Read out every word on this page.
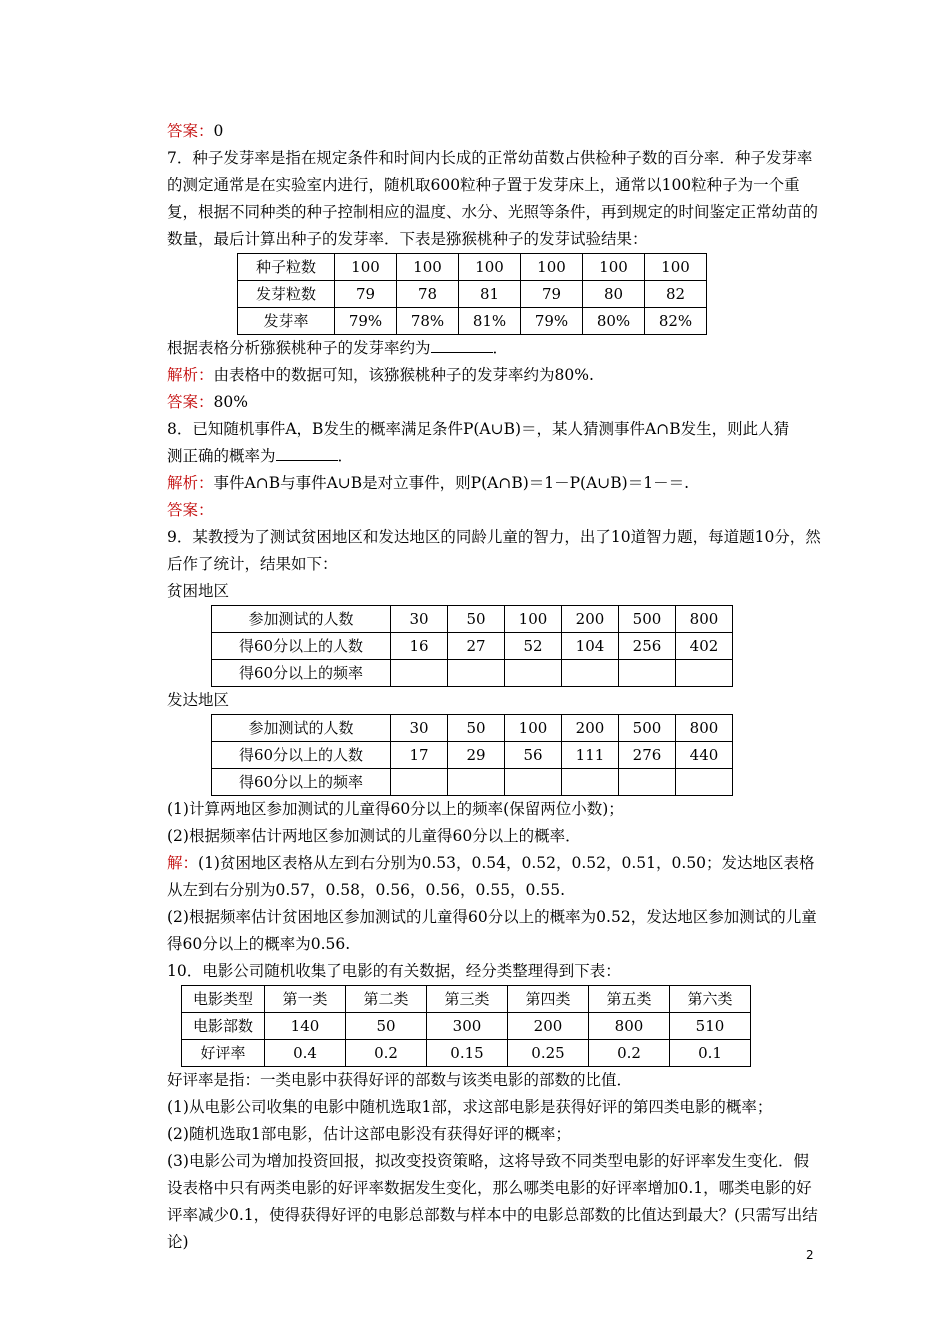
答案：0

7．种子发芽率是指在规定条件和时间内长成的正常幼苗数占供检种子数的百分率．种子发芽率的测定通常是在实验室内进行，随机取600粒种子置于发芽床上，通常以100粒种子为一个重复，根据不同种类的种子控制相应的温度、水分、光照等条件，再到规定的时间鉴定正常幼苗的数量，最后计算出种子的发芽率．下表是猕猴桃种子的发芽试验结果：

种子粒数	100	100	100	100	100	100
发芽粒数	79	78	81	79	80	82
发芽率	79%	78%	81%	79%	80%	82%

根据表格分析猕猴桃种子的发芽率约为	．

解析：由表格中的数据可知，该猕猴桃种子的发芽率约为80%.

答案：80%

8．已知随机事件A，B发生的概率满足条件P(A∪B)＝，某人猜测事件A∩B发生，则此人猜

测正确的概率为	．

解析：事件A∩B与事件A∪B是对立事件，则P(A∩B)＝1－P(A∪B)＝1－＝.

答案：

9．某教授为了测试贫困地区和发达地区的同龄儿童的智力，出了10道智力题，每道题10分，然后作了统计，结果如下：

贫困地区

参加测试的人数	30	50	100	200	500	800
得60分以上的人数	16	27	52	104	256	402
得60分以上的频率						

发达地区

参加测试的人数	30	50	100	200	500	800
得60分以上的人数	17	29	56	111	276	440
得60分以上的频率						

(1)计算两地区参加测试的儿童得60分以上的频率(保留两位小数)；

(2)根据频率估计两地区参加测试的儿童得60分以上的概率．

解：(1)贫困地区表格从左到右分别为0.53，0.54，0.52，0.52，0.51，0.50；发达地区表格从左到右分别为0.57，0.58，0.56，0.56，0.55，0.55.

(2)根据频率估计贫困地区参加测试的儿童得60分以上的概率为0.52，发达地区参加测试的儿童得60分以上的概率为0.56.

10．电影公司随机收集了电影的有关数据，经分类整理得到下表：

电影类型	第一类	第二类	第三类	第四类	第五类	第六类
电影部数	140	50	300	200	800	510
好评率	0.4	0.2	0.15	0.25	0.2	0.1

好评率是指：一类电影中获得好评的部数与该类电影的部数的比值．

(1)从电影公司收集的电影中随机选取1部，求这部电影是获得好评的第四类电影的概率；

(2)随机选取1部电影，估计这部电影没有获得好评的概率；

(3)电影公司为增加投资回报，拟改变投资策略，这将导致不同类型电影的好评率发生变化．假设表格中只有两类电影的好评率数据发生变化，那么哪类电影的好评率增加0.1，哪类电影的好评率减少0.1，使得获得好评的电影总部数与样本中的电影总部数的比值达到最大？(只需写出结论)

2
